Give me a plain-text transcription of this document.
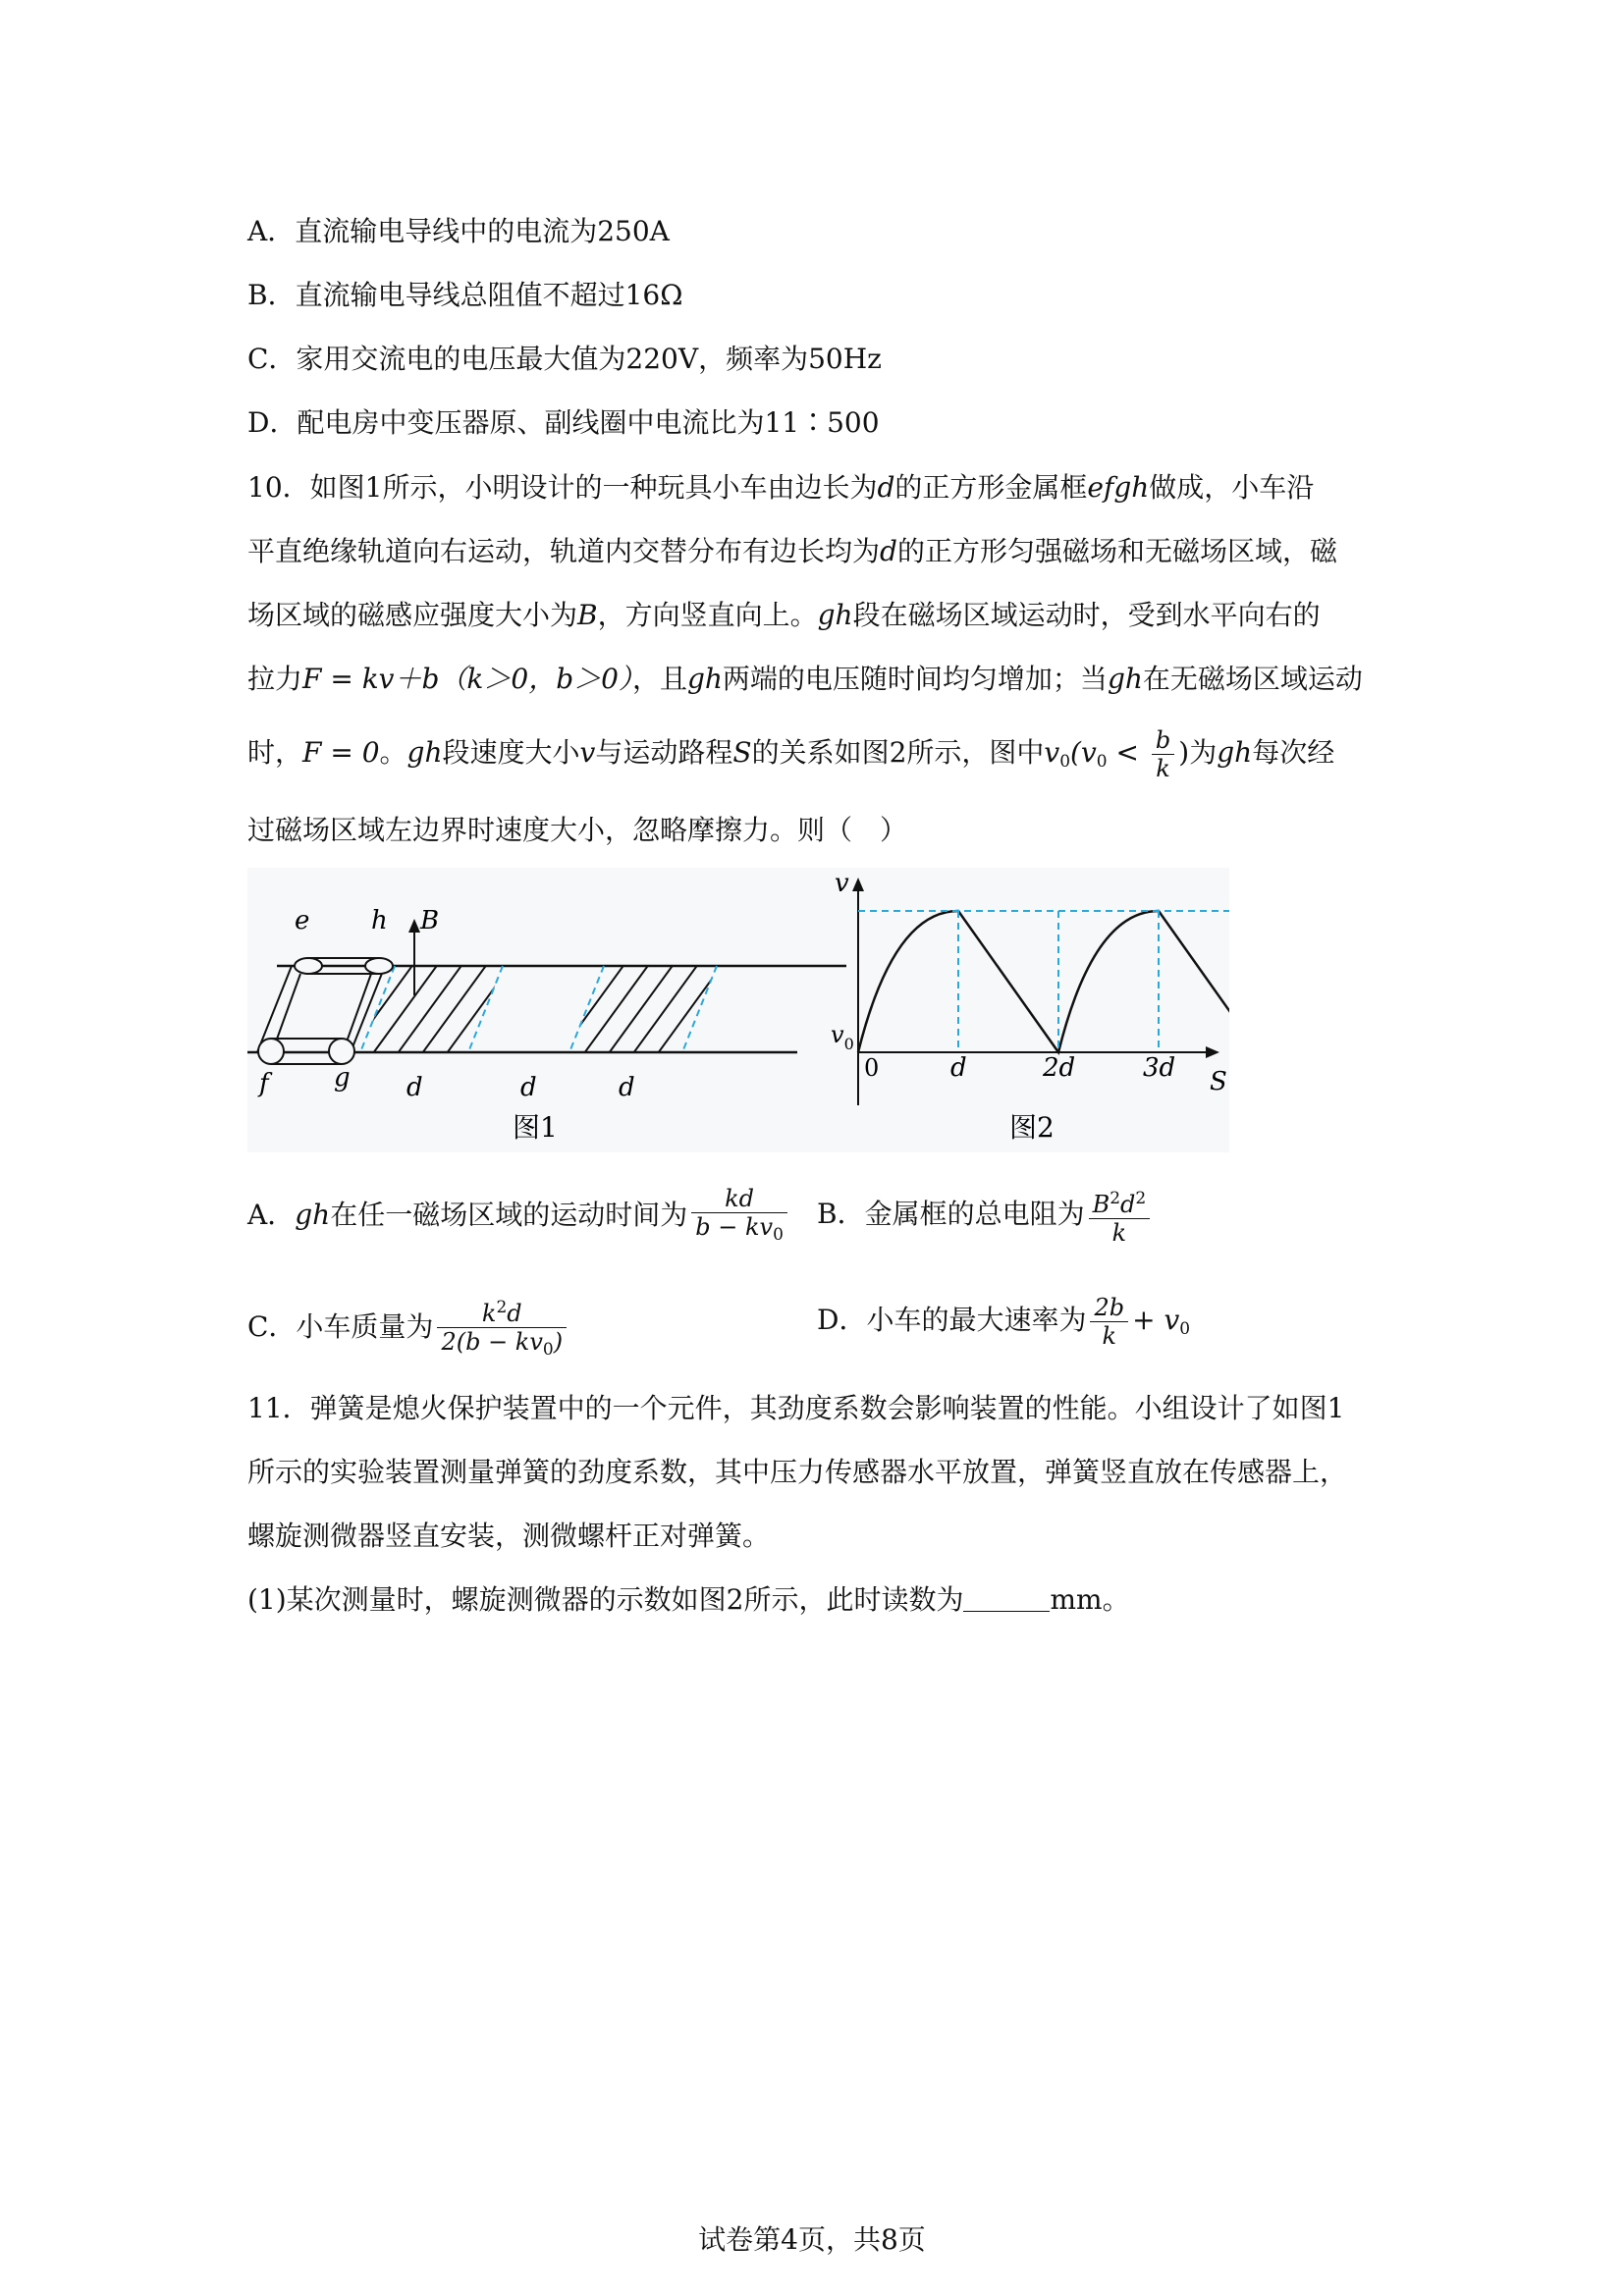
A．直流输电导线中的电流为250A
B．直流输电导线总阻值不超过16Ω
C．家用交流电的电压最大值为220V，频率为50Hz
D．配电房中变压器原、副线圈中电流比为11∶500
10．如图1所示，小明设计的一种玩具小车由边长为d的正方形金属框efgh做成，小车沿
平直绝缘轨道向右运动，轨道内交替分布有边长均为d的正方形匀强磁场和无磁场区域，磁
场区域的磁感应强度大小为B，方向竖直向上。gh段在磁场区域运动时，受到水平向右的
拉力F = kv＋b（k＞0，b＞0），且gh两端的电压随时间均匀增加；当gh在无磁场区域运动
时，F = 0。gh段速度大小v与运动路程S的关系如图2所示，图中$v_0(v_0 < \frac{b}{k}$ )为gh每次经
过磁场区域左边界时速度大小，忽略摩擦力。则（　）
e h B
f	g d	d	d
图1
v
S
$v_0$
0	d	2d	3d
图2
A．gh在任一磁场区域的运动时间为 $\frac{kd}{b - kv_0}$ B．金属框的总电阻为 $\frac{B^2d^2}{k}$
C．小车质量为 $\frac{k^2d}{2(b - kv_0)}$	D．小车的最大速率为 $\frac{2b}{k} + v_0$
11．弹簧是熄火保护装置中的一个元件，其劲度系数会影响装置的性能。小组设计了如图1
所示的实验装置测量弹簧的劲度系数，其中压力传感器水平放置，弹簧竖直放在传感器上，
螺旋测微器竖直安装，测微螺杆正对弹簧。
(1)某次测量时，螺旋测微器的示数如图2所示，此时读数为	mm。
试卷第4页，共8页
